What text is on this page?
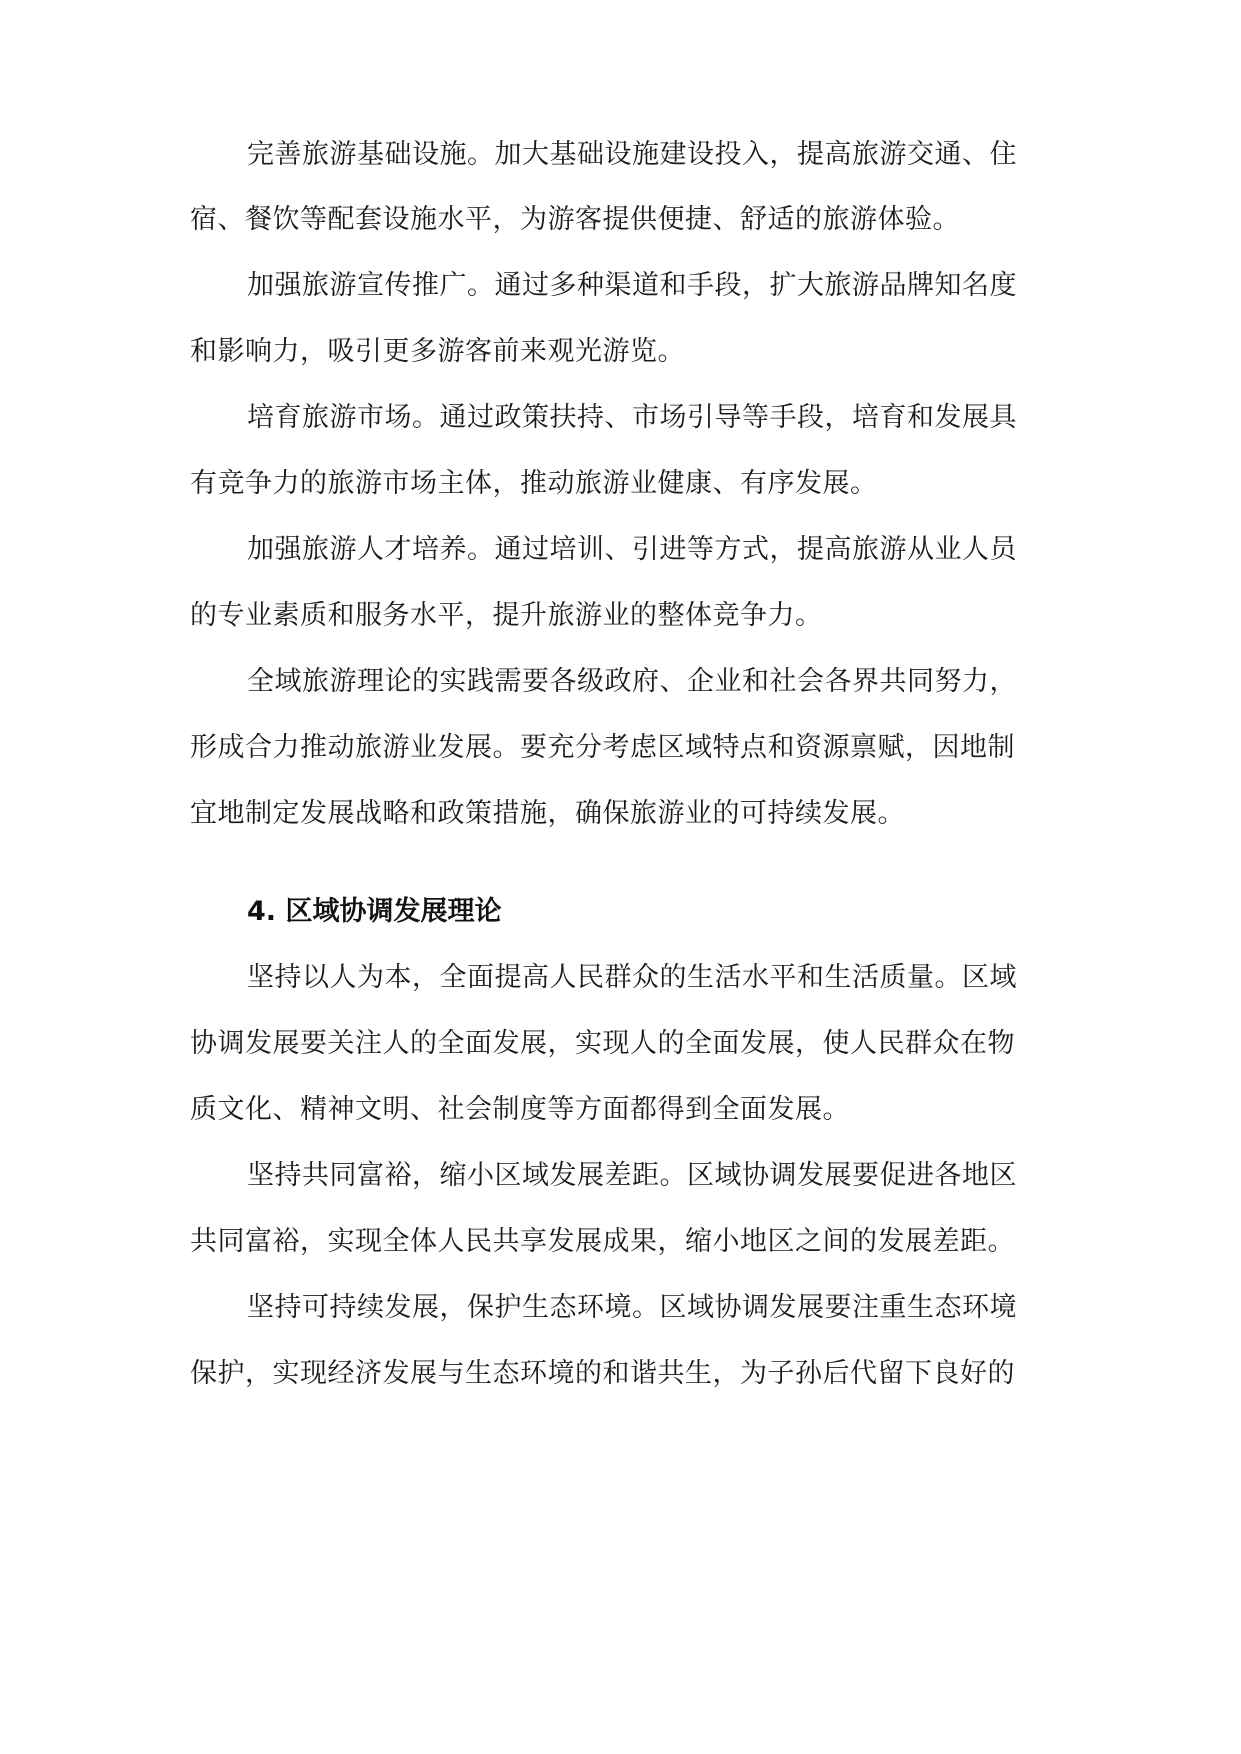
完善旅游基础设施。加大基础设施建设投入，提高旅游交通、住
宿、餐饮等配套设施水平，为游客提供便捷、舒适的旅游体验。
加强旅游宣传推广。通过多种渠道和手段，扩大旅游品牌知名度
和影响力，吸引更多游客前来观光游览。
培育旅游市场。通过政策扶持、市场引导等手段，培育和发展具
有竞争力的旅游市场主体，推动旅游业健康、有序发展。
加强旅游人才培养。通过培训、引进等方式，提高旅游从业人员
的专业素质和服务水平，提升旅游业的整体竞争力。
全域旅游理论的实践需要各级政府、企业和社会各界共同努力，
形成合力推动旅游业发展。要充分考虑区域特点和资源禀赋，因地制
宜地制定发展战略和政策措施，确保旅游业的可持续发展。
4. 区域协调发展理论
坚持以人为本，全面提高人民群众的生活水平和生活质量。区域
协调发展要关注人的全面发展，实现人的全面发展，使人民群众在物
质文化、精神文明、社会制度等方面都得到全面发展。
坚持共同富裕，缩小区域发展差距。区域协调发展要促进各地区
共同富裕，实现全体人民共享发展成果，缩小地区之间的发展差距。
坚持可持续发展，保护生态环境。区域协调发展要注重生态环境
保护，实现经济发展与生态环境的和谐共生，为子孙后代留下良好的
